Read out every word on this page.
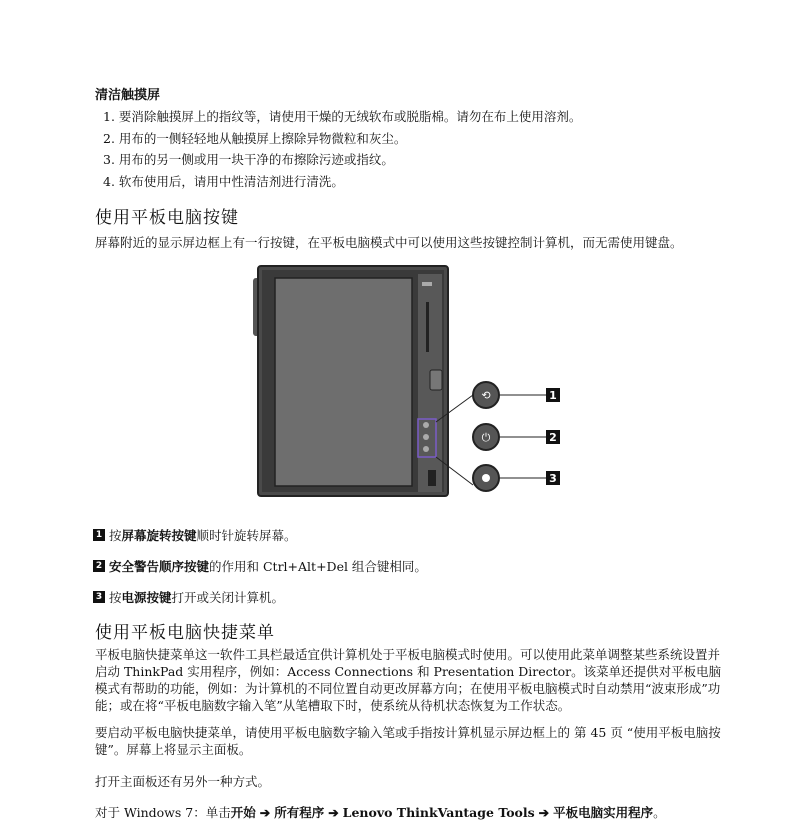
清洁触摸屏
1. 要消除触摸屏上的指纹等，请使用干燥的无绒软布或脱脂棉。请勿在布上使用溶剂。
2. 用布的一侧轻轻地从触摸屏上擦除异物微粒和灰尘。
3. 用布的另一侧或用一块干净的布擦除污迹或指纹。
4. 软布使用后，请用中性清洁剂进行清洗。
使用平板电脑按键
屏幕附近的显示屏边框上有一行按键，在平板电脑模式中可以使用这些按键控制计算机，而无需使用键盘。
⟲
⏻
1
2
3
1 按 屏幕旋转按键 顺时针旋转屏幕。
2 安全警告顺序按键 的作用和 Ctrl+Alt+Del 组合键相同。
3 按 电源按键 打开或关闭计算机。
使用平板电脑快捷菜单
平板电脑快捷菜单这一软件工具栏最适宜供计算机处于平板电脑模式时使用。可以使用此菜单调整某些系统设置并启动 ThinkPad 实用程序，例如：Access Connections 和 Presentation Director。该菜单还提供对平板电脑模式有帮助的功能，例如：为计算机的不同位置自动更改屏幕方向；在使用平板电脑模式时自动禁用“波束形成”功能；或在将“平板电脑数字输入笔”从笔槽取下时，使系统从待机状态恢复为工作状态。
要启动平板电脑快捷菜单，请使用平板电脑数字输入笔或手指按计算机显示屏边框上的 第 45 页 “使用平板电脑按键”。屏幕上将显示主面板。
打开主面板还有另外一种方式。
对于 Windows 7：单击开始 ➔ 所有程序 ➔ Lenovo ThinkVantage Tools ➔ 平板电脑实用程序。
